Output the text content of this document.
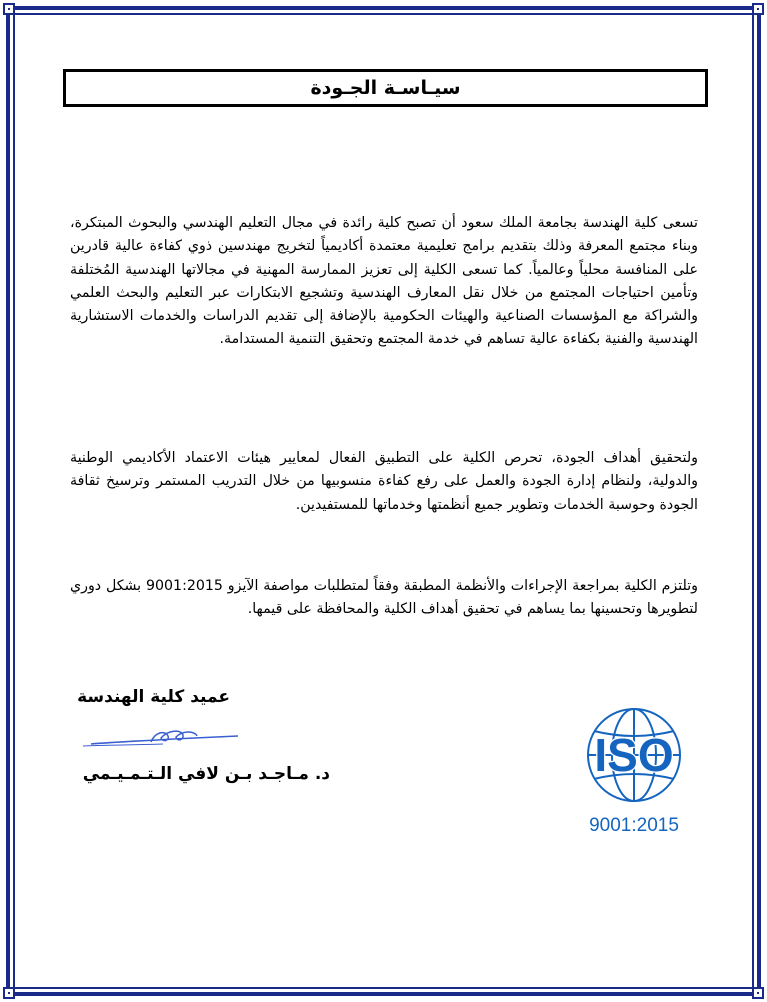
سيـاسـة الجـودة

تسعى كلية الهندسة بجامعة الملك سعود أن تصبح كلية رائدة في مجال التعليم الهندسي والبحوث المبتكرة، وبناء مجتمع المعرفة وذلك بتقديم برامج تعليمية معتمدة أكاديمياً لتخريج مهندسين ذوي كفاءة عالية قادرين على المنافسة محلياً وعالمياً. كما تسعى الكلية إلى تعزيز الممارسة المهنية في مجالاتها الهندسية المُختلفة وتأمين احتياجات المجتمع من خلال نقل المعارف الهندسية وتشجيع الابتكارات عبر التعليم والبحث العلمي والشراكة مع المؤسسات الصناعية والهيئات الحكومية بالإضافة إلى تقديم الدراسات والخدمات الاستشارية الهندسية والفنية بكفاءة عالية تساهم في خدمة المجتمع وتحقيق التنمية المستدامة.

ولتحقيق أهداف الجودة، تحرص الكلية على التطبيق الفعال لمعايير هيئات الاعتماد الأكاديمي الوطنية والدولية، ولنظام إدارة الجودة والعمل على رفع كفاءة منسوبيها من خلال التدريب المستمر وترسيخ ثقافة الجودة وحوسبة الخدمات وتطوير جميع أنظمتها وخدماتها للمستفيدين.

وتلتزم الكلية بمراجعة الإجراءات والأنظمة المطبقة وفقاً لمتطلبات مواصفة الآيزو 9001:2015 بشكل دوري لتطويرها وتحسينها بما يساهم في تحقيق أهداف الكلية والمحافظة على قيمها.

عميد كلية الهندسة
د. مـاجـد بـن لافي الـتـمـيـمي	ISO
9001:2015
